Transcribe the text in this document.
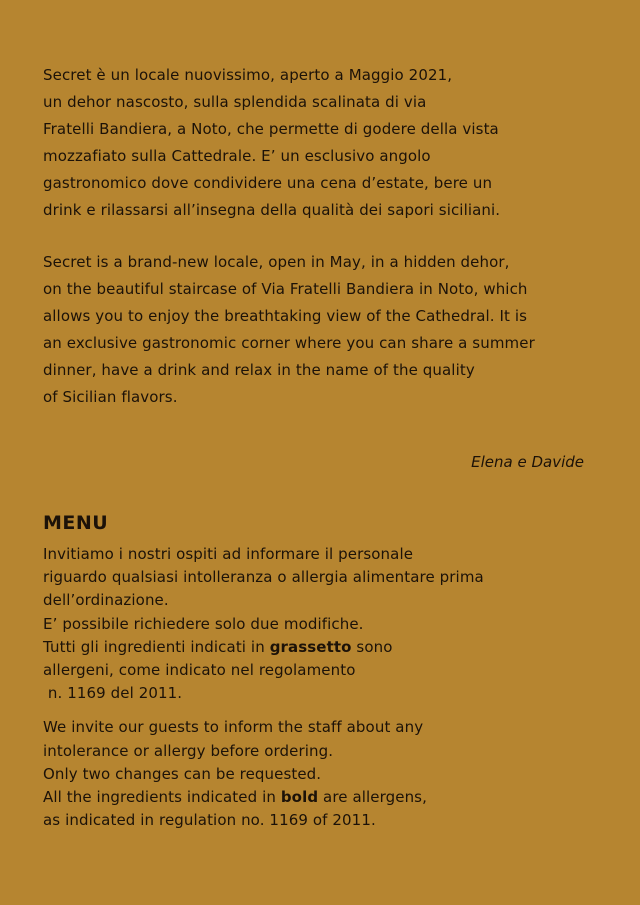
Secret è un locale nuovissimo, aperto a Maggio 2021,
un dehor nascosto, sulla splendida scalinata di via
Fratelli Bandiera, a Noto, che permette di godere della vista
mozzafiato sulla Cattedrale. E’ un esclusivo angolo
gastronomico dove condividere una cena d’estate, bere un
drink e rilassarsi all’insegna della qualità dei sapori siciliani.

Secret is a brand-new locale, open in May, in a hidden dehor,
on the beautiful staircase of Via Fratelli Bandiera in Noto, which
allows you to enjoy the breathtaking view of the Cathedral. It is
an exclusive gastronomic corner where you can share a summer
dinner, have a drink and relax in the name of the quality
of Sicilian flavors.

Elena e Davide
MENU

Invitiamo i nostri ospiti ad informare il personale
riguardo qualsiasi intolleranza o allergia alimentare prima
dell’ordinazione.
E’ possibile richiedere solo due modifiche.
Tutti gli ingredienti indicati in grassetto sono
allergeni, come indicato nel regolamento
n. 1169 del 2011.

We invite our guests to inform the staff about any
intolerance or allergy before ordering.
Only two changes can be requested.
All the ingredients indicated in bold are allergens,
as indicated in regulation no. 1169 of 2011.
